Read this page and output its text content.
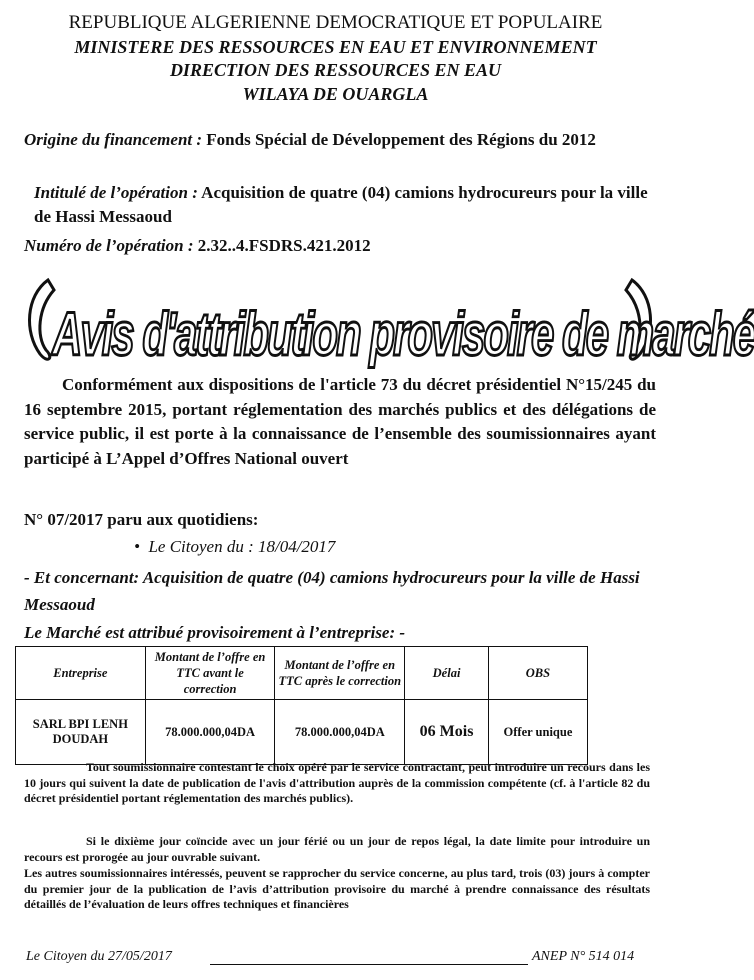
REPUBLIQUE ALGERIENNE DEMOCRATIQUE ET POPULAIRE
MINISTERE DES RESSOURCES EN EAU ET ENVIRONNEMENT
DIRECTION DES RESSOURCES EN EAU
WILAYA DE OUARGLA
Origine du financement : Fonds Spécial de Développement des Régions du 2012
Intitulé de l’opération : Acquisition de quatre (04) camions hydrocureurs pour la ville de Hassi Messaoud
Numéro de l’opération : 2.32..4.FSDRS.421.2012
Avis d'attribution provisoire de marché
Conformément aux dispositions de l'article 73 du décret présidentiel N°15/245 du 16 septembre 2015, portant réglementation des marchés publics et des délégations de service public, il est porte à la connaissance de l’ensemble des soumissionnaires ayant participé à L’Appel d’Offres National ouvert
N° 07/2017 paru aux quotidiens:
•  Le Citoyen du : 18/04/2017
- Et concernant: Acquisition de quatre (04) camions hydrocureurs pour la ville de Hassi Messaoud
Le Marché est attribué provisoirement à l’entreprise: -
Entreprise	Montant de l’offre en TTC avant le correction	Montant de l’offre en TTC après le correction	Délai	OBS
SARL BPI LENH DOUDAH	78.000.000,04DA	78.000.000,04DA	06 Mois	Offer unique
Tout soumissionnaire contestant le choix opéré par le service contractant, peut introduire un recours dans les 10 jours qui suivent la date de publication de l'avis d'attribution auprès de la commission compétente (cf. à l'article 82 du décret présidentiel portant réglementation des marchés publics).
Si le dixième jour coïncide avec un jour férié ou un jour de repos légal, la date limite pour introduire un recours est prorogée au jour ouvrable suivant.
Les autres soumissionnaires intéressés, peuvent se rapprocher du service concerne, au plus tard, trois (03) jours à compter du premier jour de la publication de l’avis d’attribution provisoire du marché à prendre connaissance des résultats détaillés de l’évaluation de leurs offres techniques et financières
Le Citoyen du 27/05/2017	ANEP N° 514 014
